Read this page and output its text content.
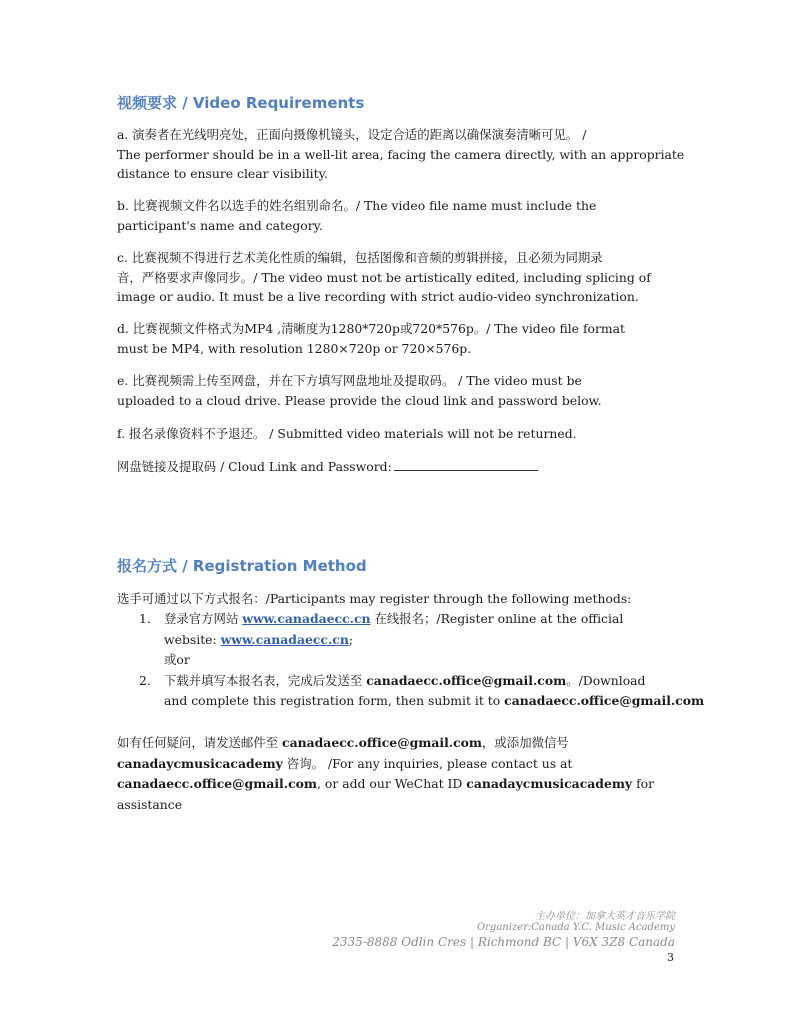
视频要求 / Video Requirements
a. 演奏者在光线明亮处，正面向摄像机镜头，设定合适的距离以确保演奏清晰可见。 /
The performer should be in a well-lit area, facing the camera directly, with an appropriate
distance to ensure clear visibility.
b. 比赛视频文件名以选手的姓名组别命名。/ The video file name must include the
participant's name and category.
c. 比赛视频不得进行艺术美化性质的编辑，包括图像和音频的剪辑拼接，且必须为同期录
音，严格要求声像同步。/ The video must not be artistically edited, including splicing of
image or audio. It must be a live recording with strict audio-video synchronization.
d. 比赛视频文件格式为MP4 ,清晰度为1280*720p或720*576p。/ The video file format
must be MP4, with resolution 1280×720p or 720×576p.
e. 比赛视频需上传至网盘，并在下方填写网盘地址及提取码。 / The video must be
uploaded to a cloud drive. Please provide the cloud link and password below.
f. 报名录像资料不予退还。 / Submitted video materials will not be returned.
网盘链接及提取码 / Cloud Link and Password:
报名方式 / Registration Method
选手可通过以下方式报名：/Participants may register through the following methods:
1. 登录官方网站 www.canadaecc.cn 在线报名；/Register online at the official
website: www.canadaecc.cn;
或or
2. 下载并填写本报名表，完成后发送至 canadaecc.office@gmail.com。/Download
and complete this registration form, then submit it to canadaecc.office@gmail.com
如有任何疑问，请发送邮件至 canadaecc.office@gmail.com，或添加微信号
canadaycmusicacademy 咨询。 /For any inquiries, please contact us at
canadaecc.office@gmail.com, or add our WeChat ID canadaycmusicacademy for
assistance
主办单位：加拿大英才音乐学院
Organizer:Canada Y.C. Music Academy
2335-8888 Odlin Cres | Richmond BC | V6X 3Z8 Canada
3
